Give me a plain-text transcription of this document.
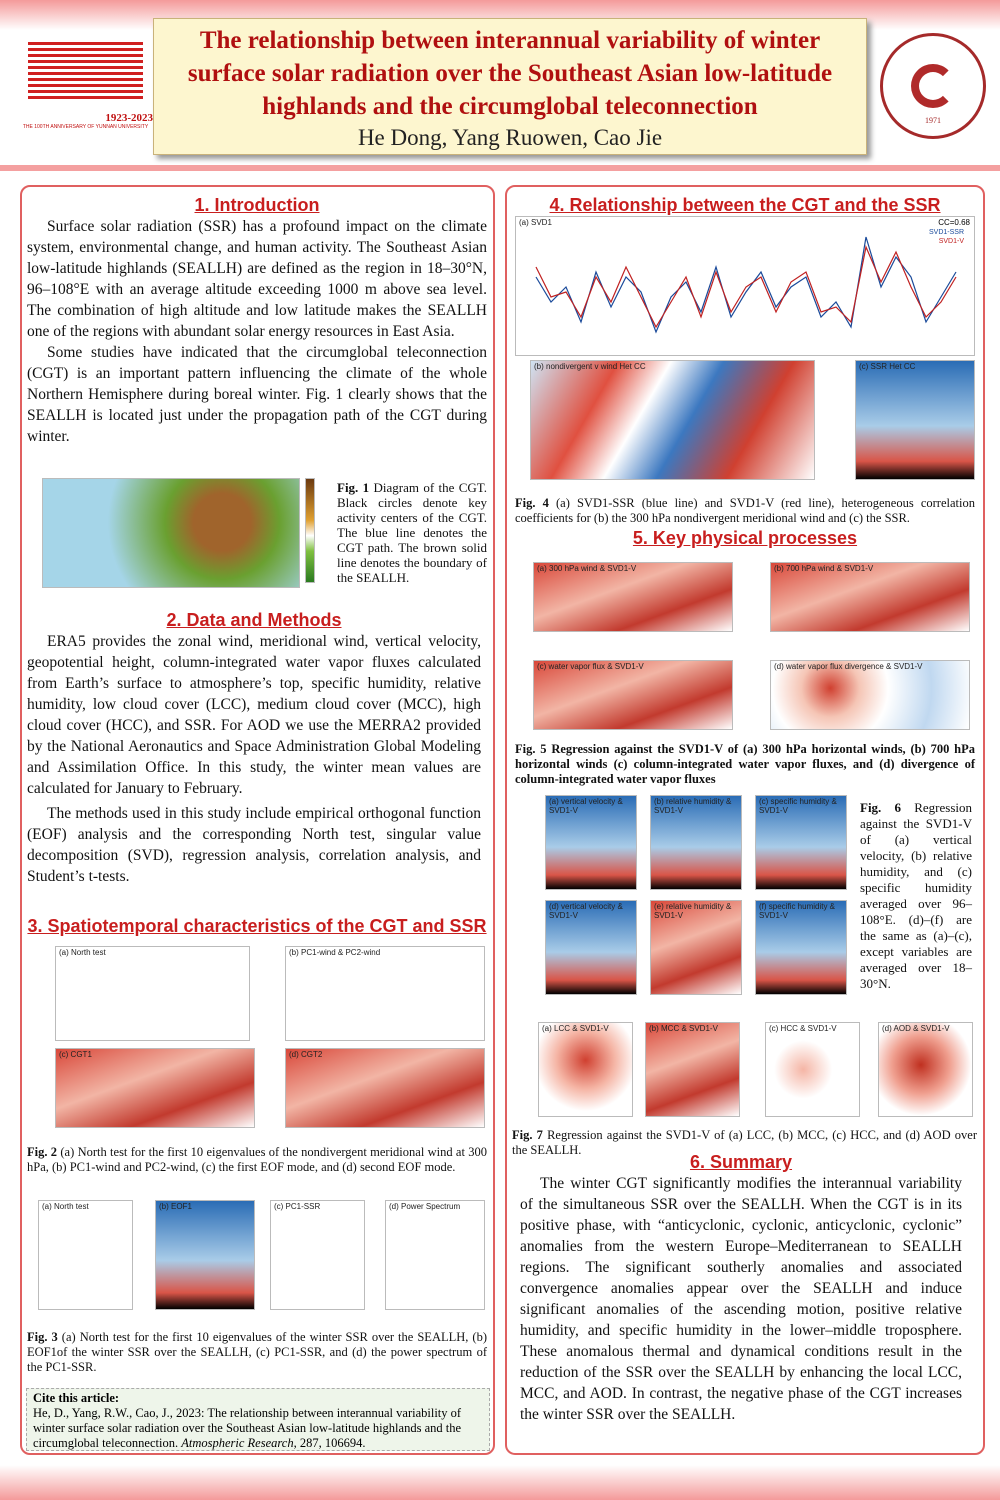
1923-2023
THE 100TH ANNIVERSARY OF YUNNAN UNIVERSITY
The relationship between interannual variability of winter surface solar radiation over the Southeast Asian low-latitude highlands and the circumglobal teleconnection
He Dong, Yang Ruowen, Cao Jie
1971
1. Introduction

Surface solar radiation (SSR) has a profound impact on the climate system, environmental change, and human activity. The Southeast Asian low-latitude highlands (SEALLH) are defined as the region in 18–30°N, 96–108°E with an average altitude exceeding 1000 m above sea level. The combination of high altitude and low latitude makes the SEALLH one of the regions with abundant solar energy resources in East Asia.

Some studies have indicated that the circumglobal teleconnection (CGT) is an important pattern influencing the climate of the whole Northern Hemisphere during boreal winter. Fig. 1 clearly shows that the SEALLH is located just under the propagation path of the CGT during winter.

Fig. 1 Diagram of the CGT. Black circles denote key activity centers of the CGT. The blue line denotes the CGT path. The brown solid line denotes the boundary of the SEALLH.
2. Data and Methods

ERA5 provides the zonal wind, meridional wind, vertical velocity, geopotential height, column-integrated water vapor fluxes calculated from Earth’s surface to atmosphere’s top, specific humidity, relative humidity, low cloud cover (LCC), medium cloud cover (MCC), high cloud cover (HCC), and SSR. For AOD we use the MERRA2 provided by the National Aeronautics and Space Administration Global Modeling and Assimilation Office. In this study, the winter mean values are calculated for January to February.

The methods used in this study include empirical orthogonal function (EOF) analysis and the corresponding North test, singular value decomposition (SVD), regression analysis, correlation analysis, and Student’s t-tests.

3. Spatiotemporal characteristics of the CGT and SSR
(a) North test	(b) PC1-wind & PC2-wind
(c) CGT1	(d) CGT2
Fig. 2 (a) North test for the first 10 eigenvalues of the nondivergent meridional wind at 300 hPa, (b) PC1-wind and PC2-wind, (c) the first EOF mode, and (d) second EOF mode.
(a) North test	(b) EOF1	(c) PC1-SSR	(d) Power Spectrum
Fig. 3 (a) North test for the first 10 eigenvalues of the winter SSR over the SEALLH, (b) EOF1of the winter SSR over the SEALLH, (c) PC1-SSR, and (d) the power spectrum of the PC1-SSR.
Cite this article:
He, D., Yang, R.W., Cao, J., 2023: The relationship between interannual variability of winter surface solar radiation over the Southeast Asian low-latitude highlands and the circumglobal teleconnection. Atmospheric Research, 287, 106694.
4. Relationship between the CGT and the SSR
(a) SVD1	CC=0.68
SVD1-SSR
SVD1-V
(b) nondivergent v wind Het CC	(c) SSR Het CC
Fig. 4 (a) SVD1-SSR (blue line) and SVD1-V (red line), heterogeneous correlation coefficients for (b) the 300 hPa nondivergent meridional wind and (c) the SSR.
5. Key physical processes
(a) 300 hPa wind & SVD1-V	(b) 700 hPa wind & SVD1-V
(c) water vapor flux & SVD1-V	(d) water vapor flux divergence & SVD1-V
Fig. 5 Regression against the SVD1-V of (a) 300 hPa horizontal winds, (b) 700 hPa horizontal winds (c) column-integrated water vapor fluxes, and (d) divergence of column-integrated water vapor fluxes
(a) vertical velocity & SVD1-V
(b) relative humidity & SVD1-V
(c) specific humidity & SVD1-V
(d) vertical velocity & SVD1-V
(e) relative humidity & SVD1-V
(f) specific humidity & SVD1-V
Fig. 6 Regression against the SVD1-V of (a) vertical velocity, (b) relative humidity, and (c) specific humidity averaged over 96–108°E. (d)–(f) are the same as (a)–(c), except variables are averaged over 18–30°N.
(a) LCC & SVD1-V	(b) MCC & SVD1-V	(c) HCC & SVD1-V	(d) AOD & SVD1-V
Fig. 7 Regression against the SVD1-V of (a) LCC, (b) MCC, (c) HCC, and (d) AOD over the SEALLH.
6. Summary

The winter CGT significantly modifies the interannual variability of the simultaneous SSR over the SEALLH. When the CGT is in its positive phase, with “anticyclonic, cyclonic, anticyclonic, cyclonic” anomalies from the western Europe–Mediterranean to SEALLH regions. The significant southerly anomalies and associated convergence anomalies appear over the SEALLH and induce significant anomalies of the ascending motion, positive relative humidity, and specific humidity in the lower–middle troposphere. These anomalous thermal and dynamical conditions result in the reduction of the SSR over the SEALLH by enhancing the local LCC, MCC, and AOD. In contrast, the negative phase of the CGT increases the winter SSR over the SEALLH.
